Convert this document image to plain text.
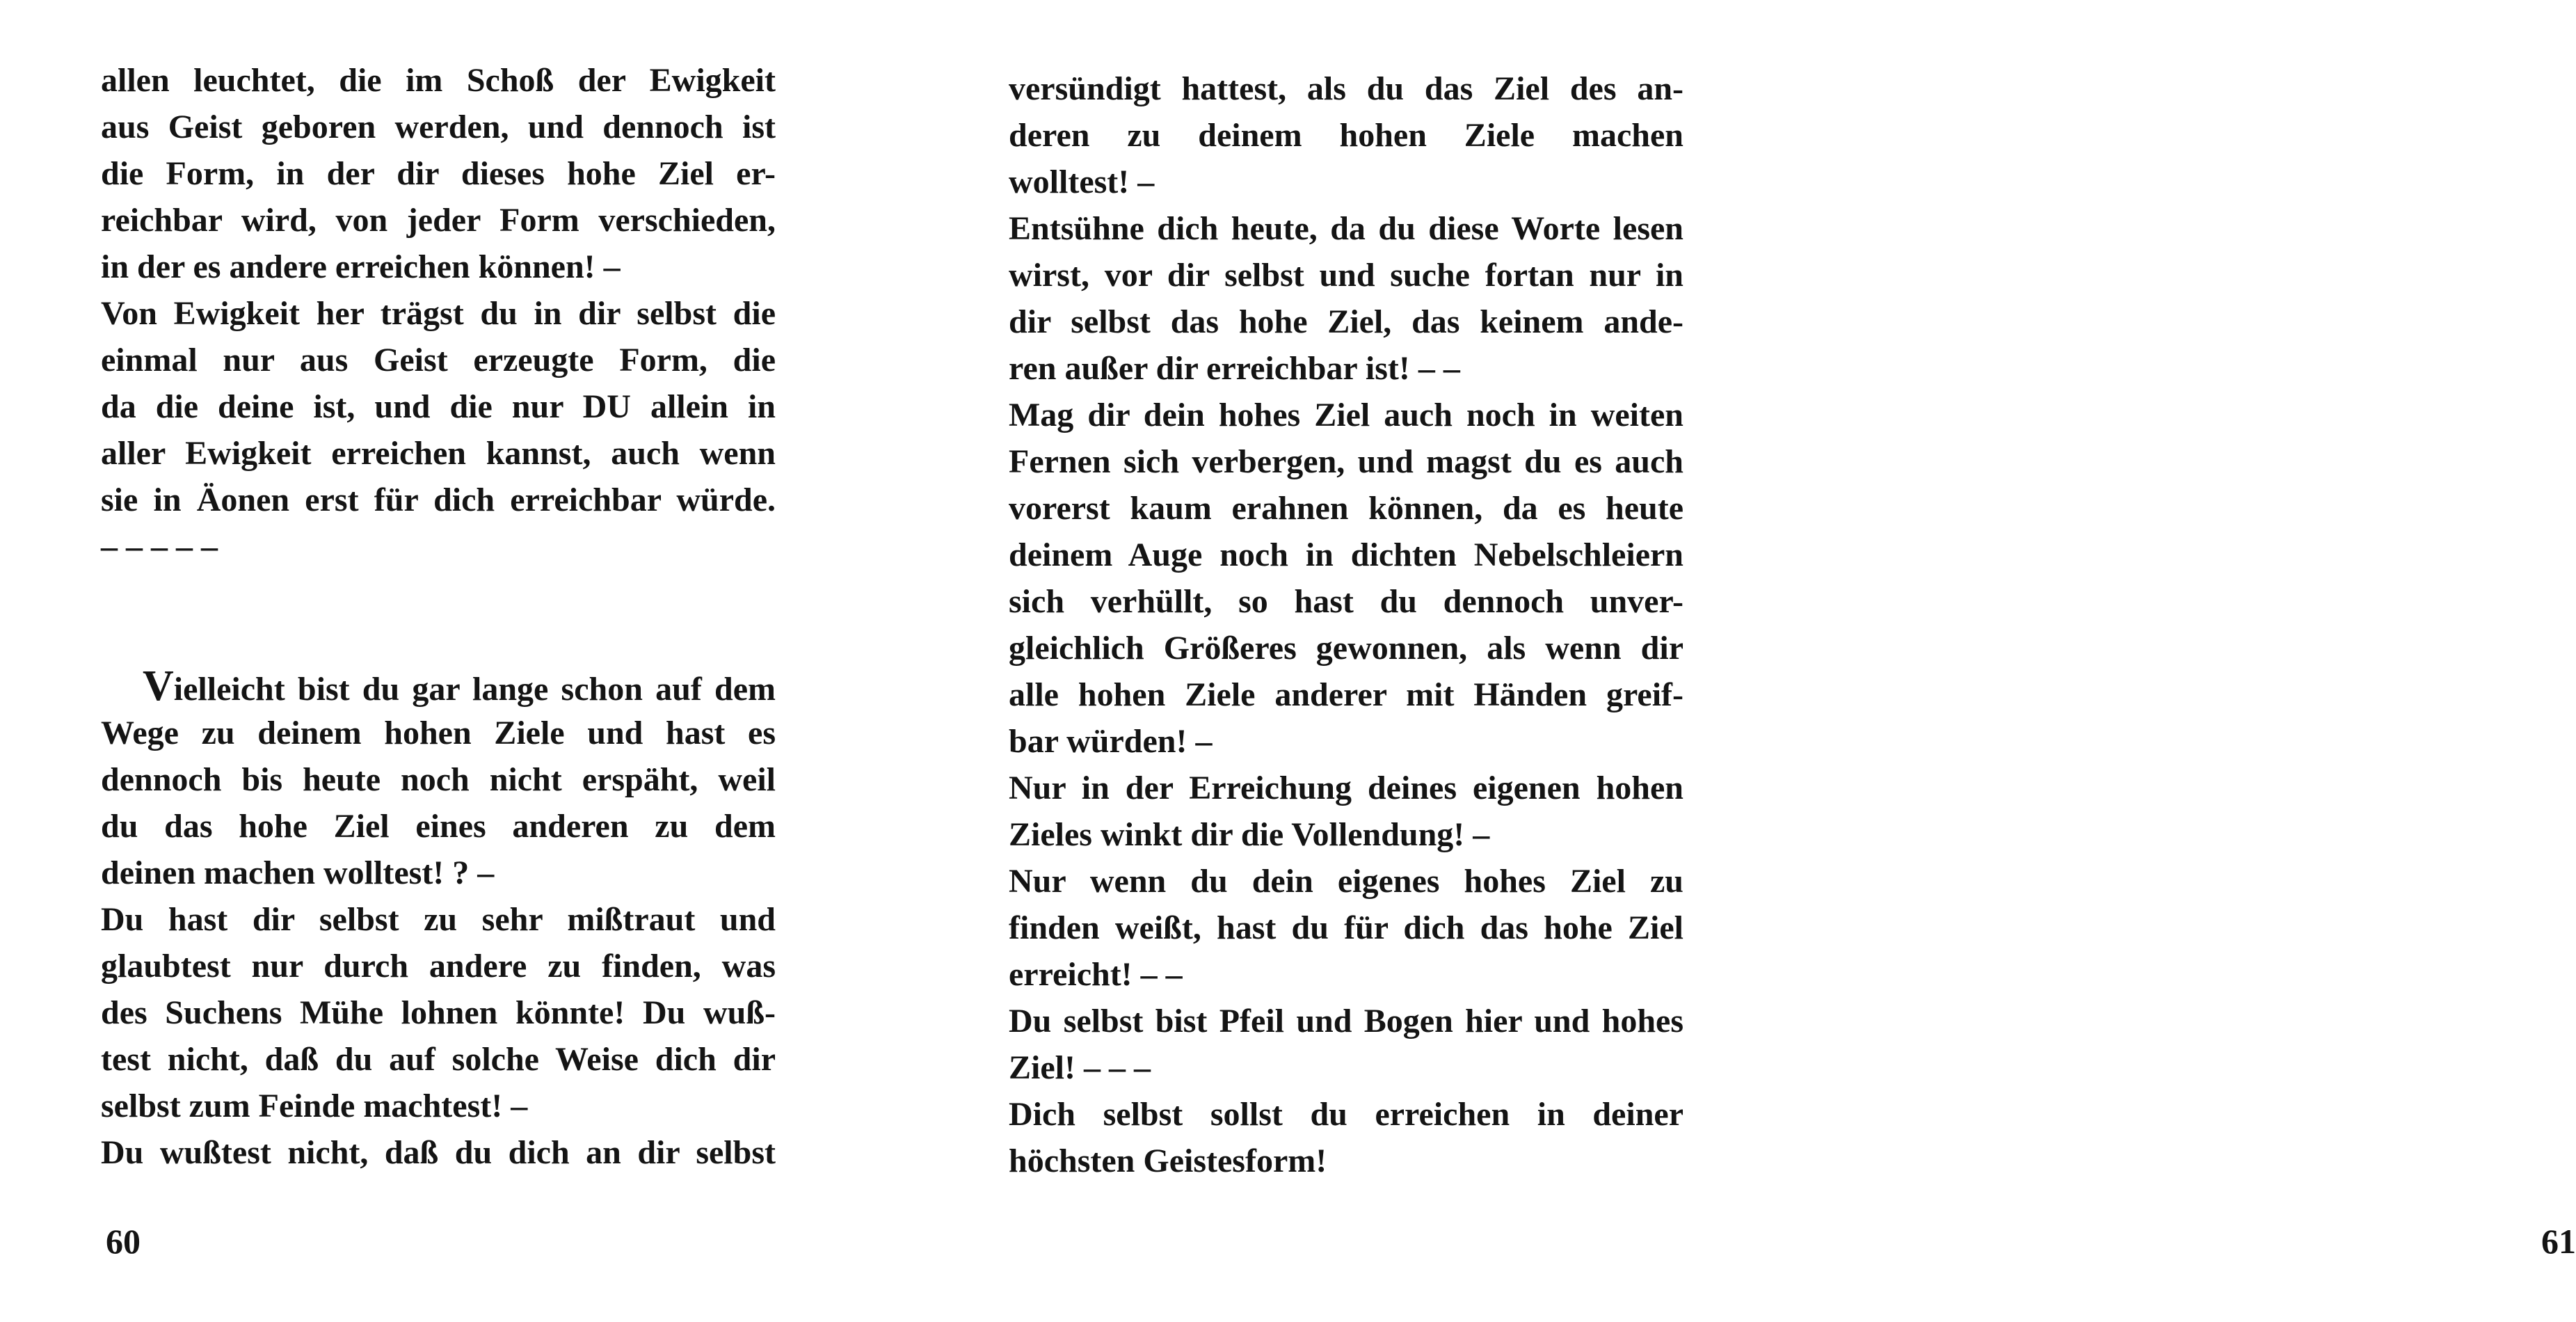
allen leuchtet, die im Schoß der Ewigkeit
aus Geist geboren werden, und dennoch ist
die Form, in der dir dieses hohe Ziel er-
reichbar wird, von jeder Form verschieden,
in der es andere erreichen können! –
Von Ewigkeit her trägst du in dir selbst die
einmal nur aus Geist erzeugte Form, die
da die deine ist, und die nur DU allein in
aller Ewigkeit erreichen kannst, auch wenn
sie in Äonen erst für dich erreichbar würde.
– – – – –
Vielleicht bist du gar lange schon auf dem
Wege zu deinem hohen Ziele und hast es
dennoch bis heute noch nicht erspäht, weil
du das hohe Ziel eines anderen zu dem
deinen machen wolltest! ? –
Du hast dir selbst zu sehr mißtraut und
glaubtest nur durch andere zu finden, was
des Suchens Mühe lohnen könnte! Du wuß-
test nicht, daß du auf solche Weise dich dir
selbst zum Feinde machtest! –
Du wußtest nicht, daß du dich an dir selbst
60
versündigt hattest, als du das Ziel des an-
deren zu deinem hohen Ziele machen
wolltest! –
Entsühne dich heute, da du diese Worte lesen
wirst, vor dir selbst und suche fortan nur in
dir selbst das hohe Ziel, das keinem ande-
ren außer dir erreichbar ist! – –
Mag dir dein hohes Ziel auch noch in weiten
Fernen sich verbergen, und magst du es auch
vorerst kaum erahnen können, da es heute
deinem Auge noch in dichten Nebelschleiern
sich verhüllt, so hast du dennoch unver-
gleichlich Größeres gewonnen, als wenn dir
alle hohen Ziele anderer mit Händen greif-
bar würden! –
Nur in der Erreichung deines eigenen hohen
Zieles winkt dir die Vollendung! –
Nur wenn du dein eigenes hohes Ziel zu
finden weißt, hast du für dich das hohe Ziel
erreicht! – –
Du selbst bist Pfeil und Bogen hier und hohes
Ziel! – – –
Dich selbst sollst du erreichen in deiner
höchsten Geistesform!
61
